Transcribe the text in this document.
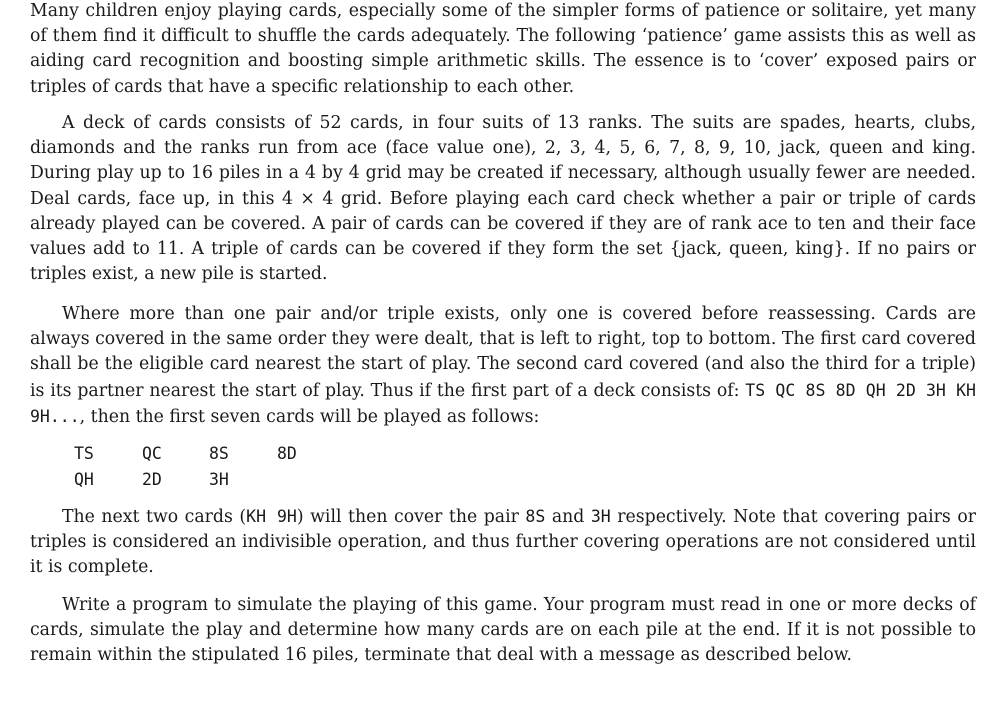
Many children enjoy playing cards, especially some of the simpler forms of patience or solitaire, yet many of them find it difficult to shuffle the cards adequately. The following ‘patience’ game assists this as well as aiding card recognition and boosting simple arithmetic skills. The essence is to ‘cover’ exposed pairs or triples of cards that have a specific relationship to each other.

A deck of cards consists of 52 cards, in four suits of 13 ranks. The suits are spades, hearts, clubs, diamonds and the ranks run from ace (face value one), 2, 3, 4, 5, 6, 7, 8, 9, 10, jack, queen and king. During play up to 16 piles in a 4 by 4 grid may be created if necessary, although usually fewer are needed. Deal cards, face up, in this 4 × 4 grid. Before playing each card check whether a pair or triple of cards already played can be covered. A pair of cards can be covered if they are of rank ace to ten and their face values add to 11. A triple of cards can be covered if they form the set {jack, queen, king}. If no pairs or triples exist, a new pile is started.

Where more than one pair and/or triple exists, only one is covered before reassessing. Cards are always covered in the same order they were dealt, that is left to right, top to bottom. The first card covered shall be the eligible card nearest the start of play. The second card covered (and also the third for a triple) is its partner nearest the start of play. Thus if the first part of a deck consists of: TS QC 8S 8D QH 2D 3H KH 9H..., then the first seven cards will be played as follows:

TS	QC	8S	8D
QH	2D	3H

The next two cards (KH 9H) will then cover the pair 8S and 3H respectively. Note that covering pairs or triples is considered an indivisible operation, and thus further covering operations are not considered until it is complete.

Write a program to simulate the playing of this game. Your program must read in one or more decks of cards, simulate the play and determine how many cards are on each pile at the end. If it is not possible to remain within the stipulated 16 piles, terminate that deal with a message as described below.
